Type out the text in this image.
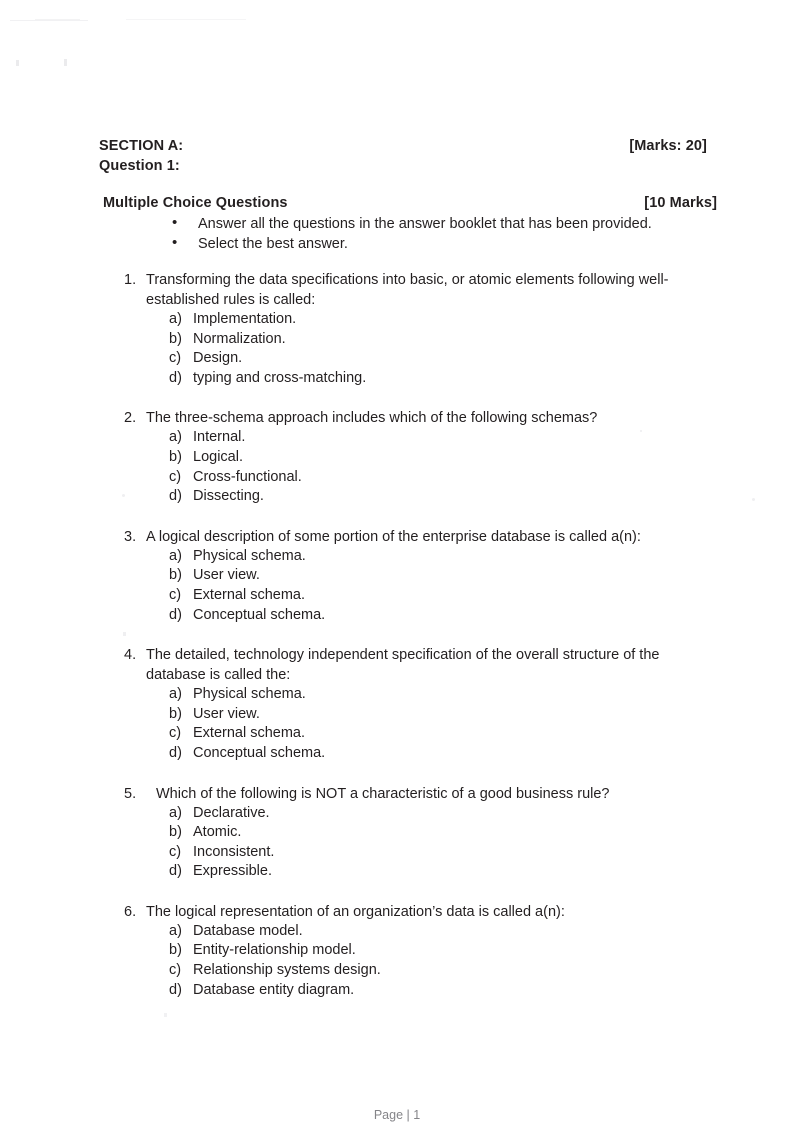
SECTION A:	[Marks: 20]
Question 1:
Multiple Choice Questions	[10 Marks]
• Answer all the questions in the answer booklet that has been provided.
• Select the best answer.
1. Transforming the data specifications into basic, or atomic elements following well-established rules is called:
a) Implementation.
b) Normalization.
c) Design.
d) typing and cross-matching.
2. The three-schema approach includes which of the following schemas?
a) Internal.
b) Logical.
c) Cross-functional.
d) Dissecting.
3. A logical description of some portion of the enterprise database is called a(n):
a) Physical schema.
b) User view.
c) External schema.
d) Conceptual schema.
4. The detailed, technology independent specification of the overall structure of the database is called the:
a) Physical schema.
b) User view.
c) External schema.
d) Conceptual schema.
5.	Which of the following is NOT a characteristic of a good business rule?
a) Declarative.
b) Atomic.
c) Inconsistent.
d) Expressible.
6. The logical representation of an organization’s data is called a(n):
a) Database model.
b) Entity-relationship model.
c) Relationship systems design.
d) Database entity diagram.
Page | 1
